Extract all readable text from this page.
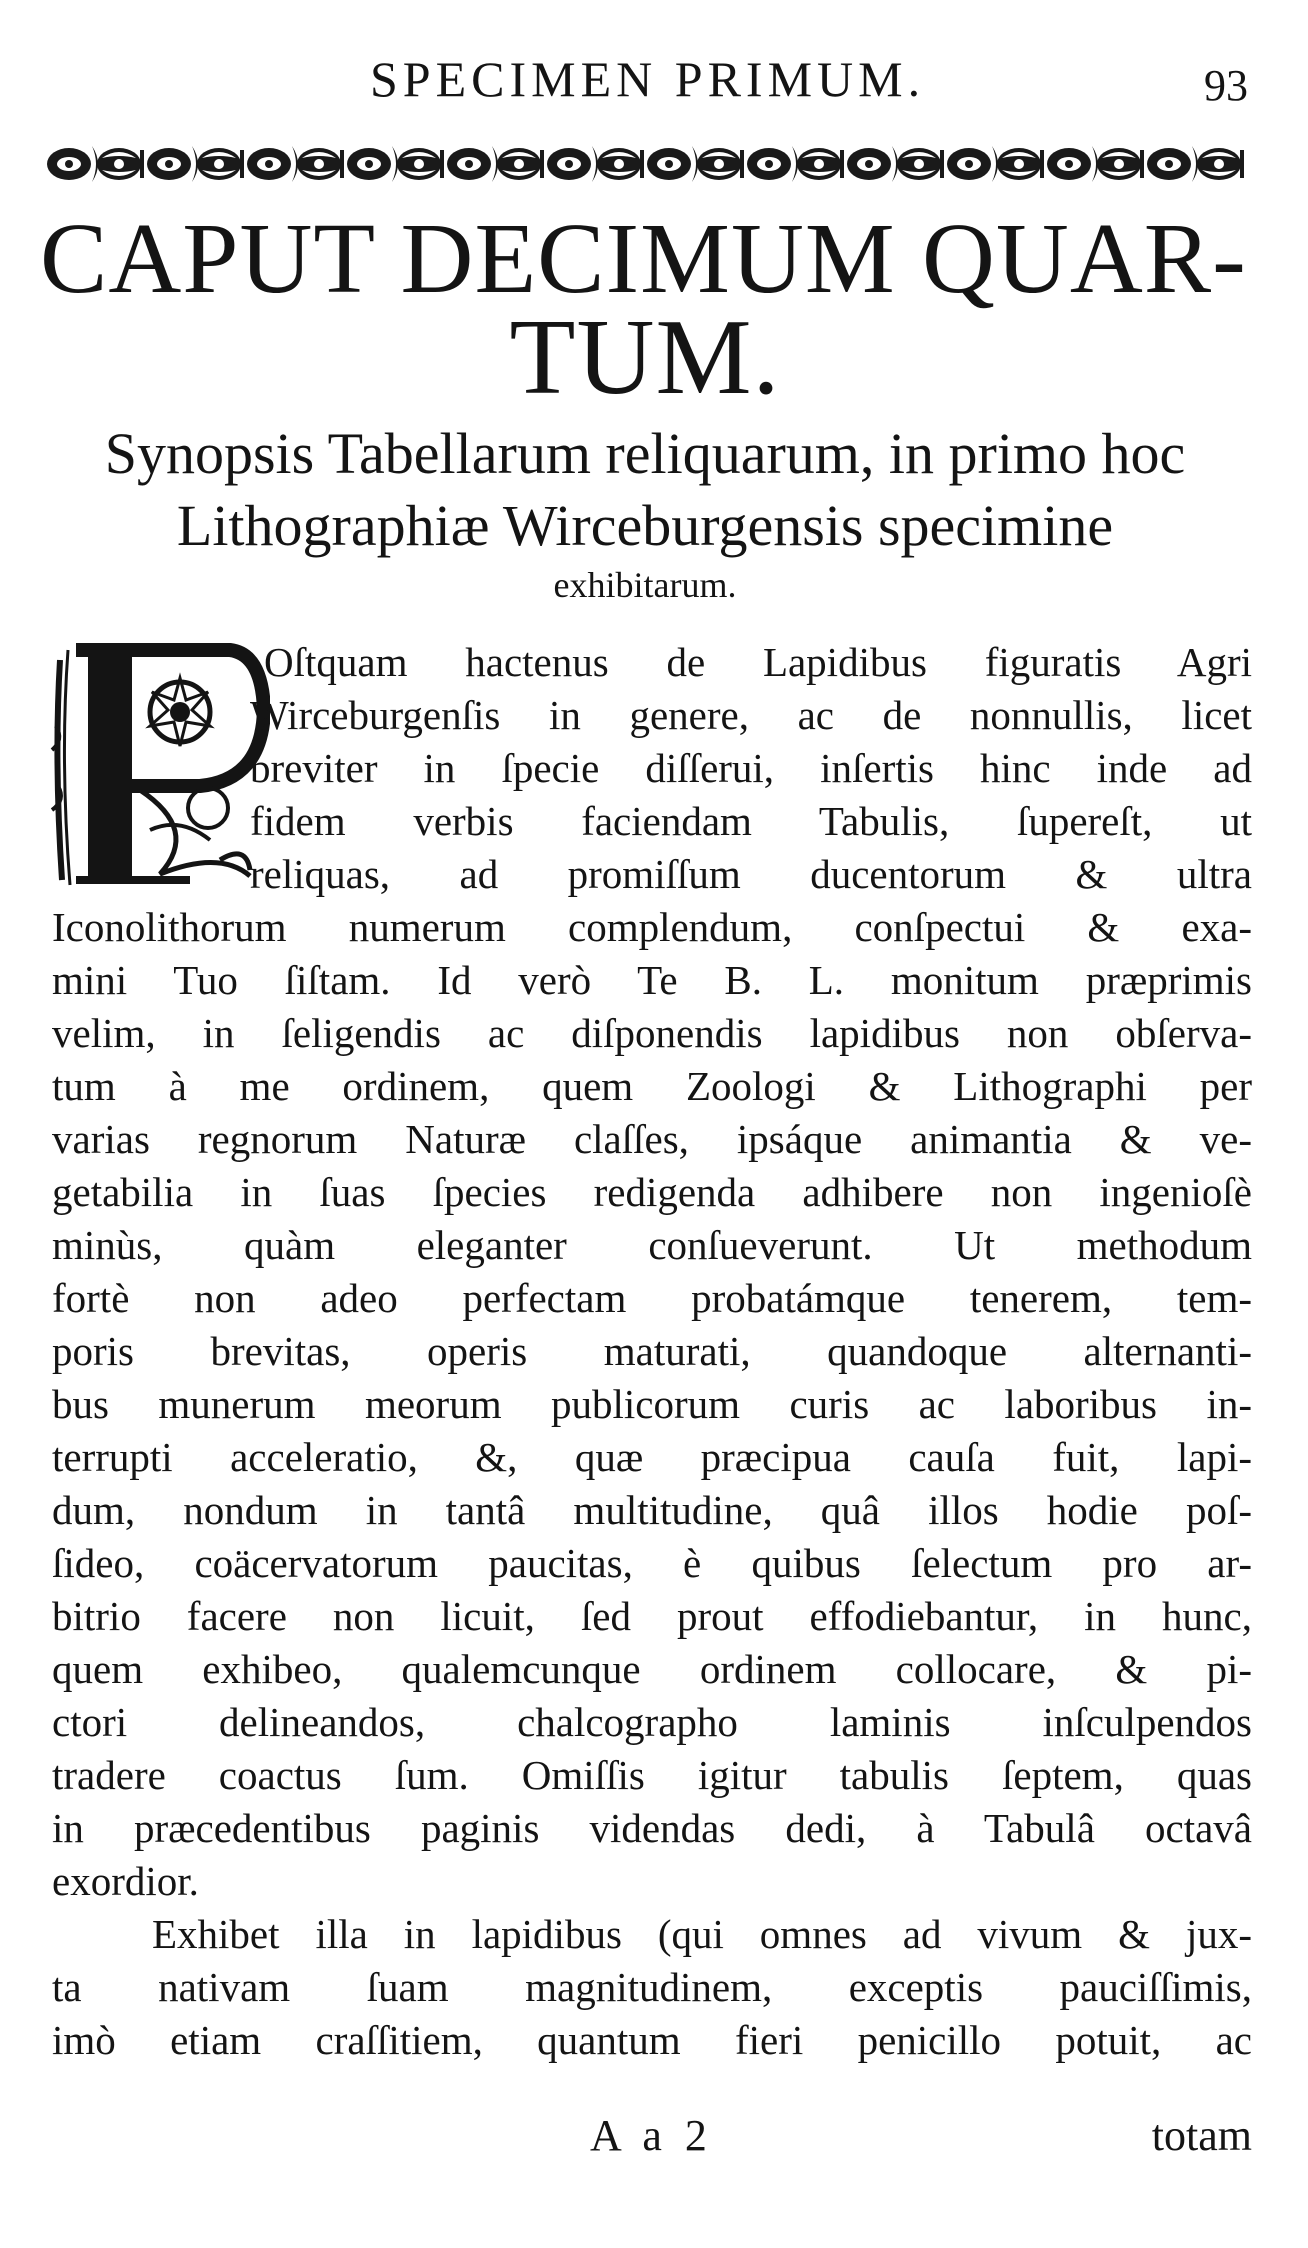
SPECIMEN PRIMUM.	93
CAPUT DECIMUM QUAR-
TUM.
Synopsis Tabellarum reliquarum, in primo hoc
Lithographiæ Wirceburgensis specimine
exhibitarum.
Oſtquam hactenus de Lapidibus figuratis Agri
Wirceburgenſis in genere, ac de nonnullis, licet
breviter in ſpecie diſſerui, inſertis hinc inde ad
fidem verbis faciendam Tabulis, ſupereſt, ut
reliquas, ad promiſſum ducentorum & ultra
Iconolithorum numerum complendum, conſpectui & exa-
mini Tuo ſiſtam. Id verò Te B. L. monitum præprimis
velim, in ſeligendis ac diſponendis lapidibus non obſerva-
tum à me ordinem, quem Zoologi & Lithographi per
varias regnorum Naturæ claſſes, ipsáque animantia & ve-
getabilia in ſuas ſpecies redigenda adhibere non ingenioſè
minùs, quàm eleganter conſueverunt. Ut methodum
fortè non adeo perfectam probatámque tenerem, tem-
poris brevitas, operis maturati, quandoque alternanti-
bus munerum meorum publicorum curis ac laboribus in-
terrupti acceleratio, &, quæ præcipua cauſa fuit, lapi-
dum, nondum in tantâ multitudine, quâ illos hodie poſ-
ſideo, coäcervatorum paucitas, è quibus ſelectum pro ar-
bitrio facere non licuit, ſed prout effodiebantur, in hunc,
quem exhibeo, qualemcunque ordinem collocare, & pi-
ctori delineandos, chalcographo laminis inſculpendos
tradere coactus ſum. Omiſſis igitur tabulis ſeptem, quas
in præcedentibus paginis videndas dedi, à Tabulâ octavâ
exordior.
Exhibet illa in lapidibus (qui omnes ad vivum & jux-
ta nativam ſuam magnitudinem, exceptis pauciſſimis,
imò etiam craſſitiem, quantum fieri penicillo potuit, ac
A a 2	totam
